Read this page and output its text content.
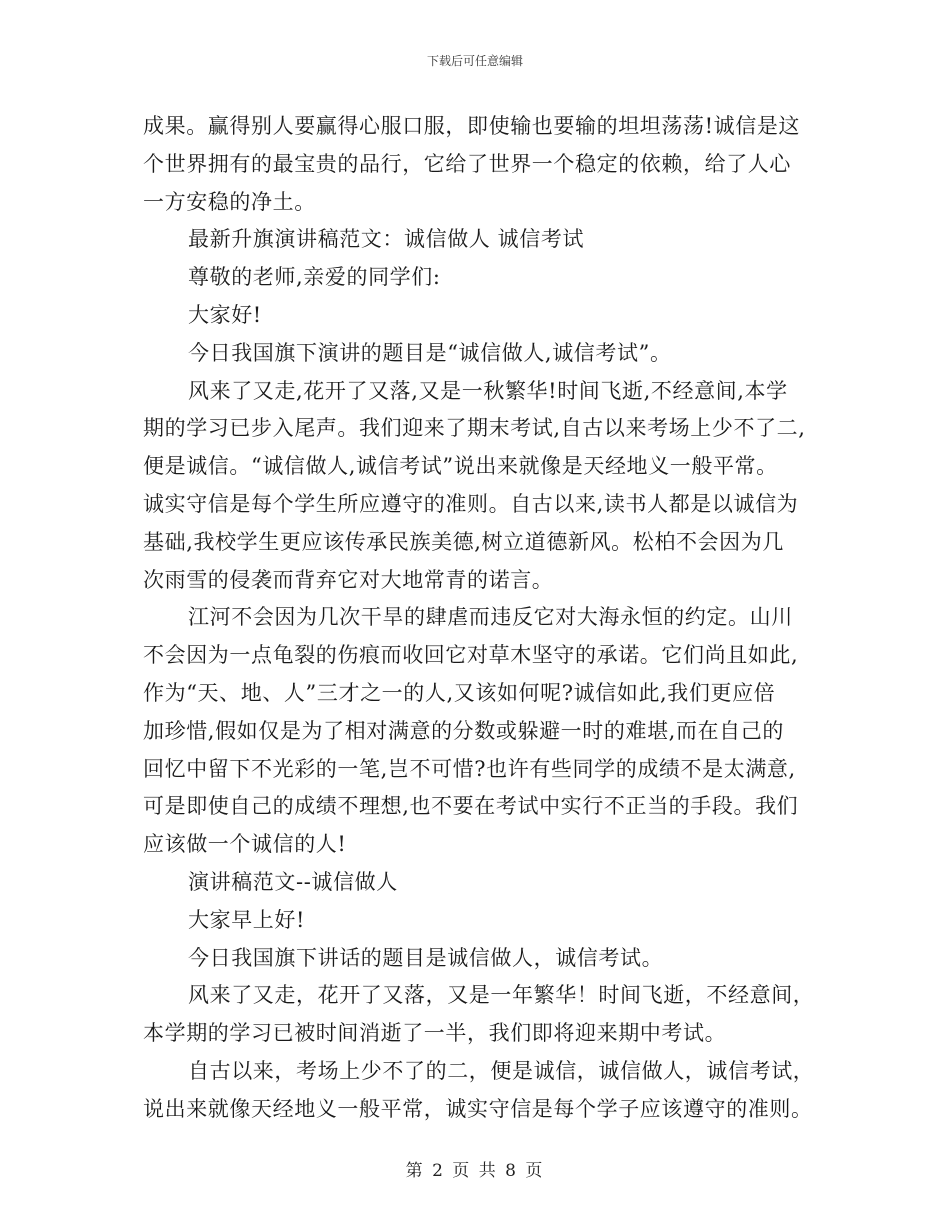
下载后可任意编辑
成果。赢得别人要赢得心服口服，即使输也要输的坦坦荡荡!诚信是这
个世界拥有的最宝贵的品行，它给了世界一个稳定的依赖，给了人心
一方安稳的净土。
最新升旗演讲稿范文：诚信做人 诚信考试
尊敬的老师,亲爱的同学们:
大家好!
今日我国旗下演讲的题目是“诚信做人,诚信考试”。
风来了又走,花开了又落,又是一秋繁华!时间飞逝,不经意间,本学
期的学习已步入尾声。我们迎来了期末考试,自古以来考场上少不了二,
便是诚信。“诚信做人,诚信考试”说出来就像是天经地义一般平常。
诚实守信是每个学生所应遵守的准则。自古以来,读书人都是以诚信为
基础,我校学生更应该传承民族美德,树立道德新风。松柏不会因为几
次雨雪的侵袭而背弃它对大地常青的诺言。
江河不会因为几次干旱的肆虐而违反它对大海永恒的约定。山川
不会因为一点龟裂的伤痕而收回它对草木坚守的承诺。它们尚且如此,
作为“天、地、人”三才之一的人,又该如何呢?诚信如此,我们更应倍
加珍惜,假如仅是为了相对满意的分数或躲避一时的难堪,而在自己的
回忆中留下不光彩的一笔,岂不可惜?也许有些同学的成绩不是太满意,
可是即使自己的成绩不理想,也不要在考试中实行不正当的手段。我们
应该做一个诚信的人!
演讲稿范文--诚信做人
大家早上好!
今日我国旗下讲话的题目是诚信做人，诚信考试。
风来了又走，花开了又落，又是一年繁华！时间飞逝，不经意间，
本学期的学习已被时间消逝了一半，我们即将迎来期中考试。
自古以来，考场上少不了的二，便是诚信，诚信做人，诚信考试，
说出来就像天经地义一般平常，诚实守信是每个学子应该遵守的准则。
第 2 页 共 8 页
